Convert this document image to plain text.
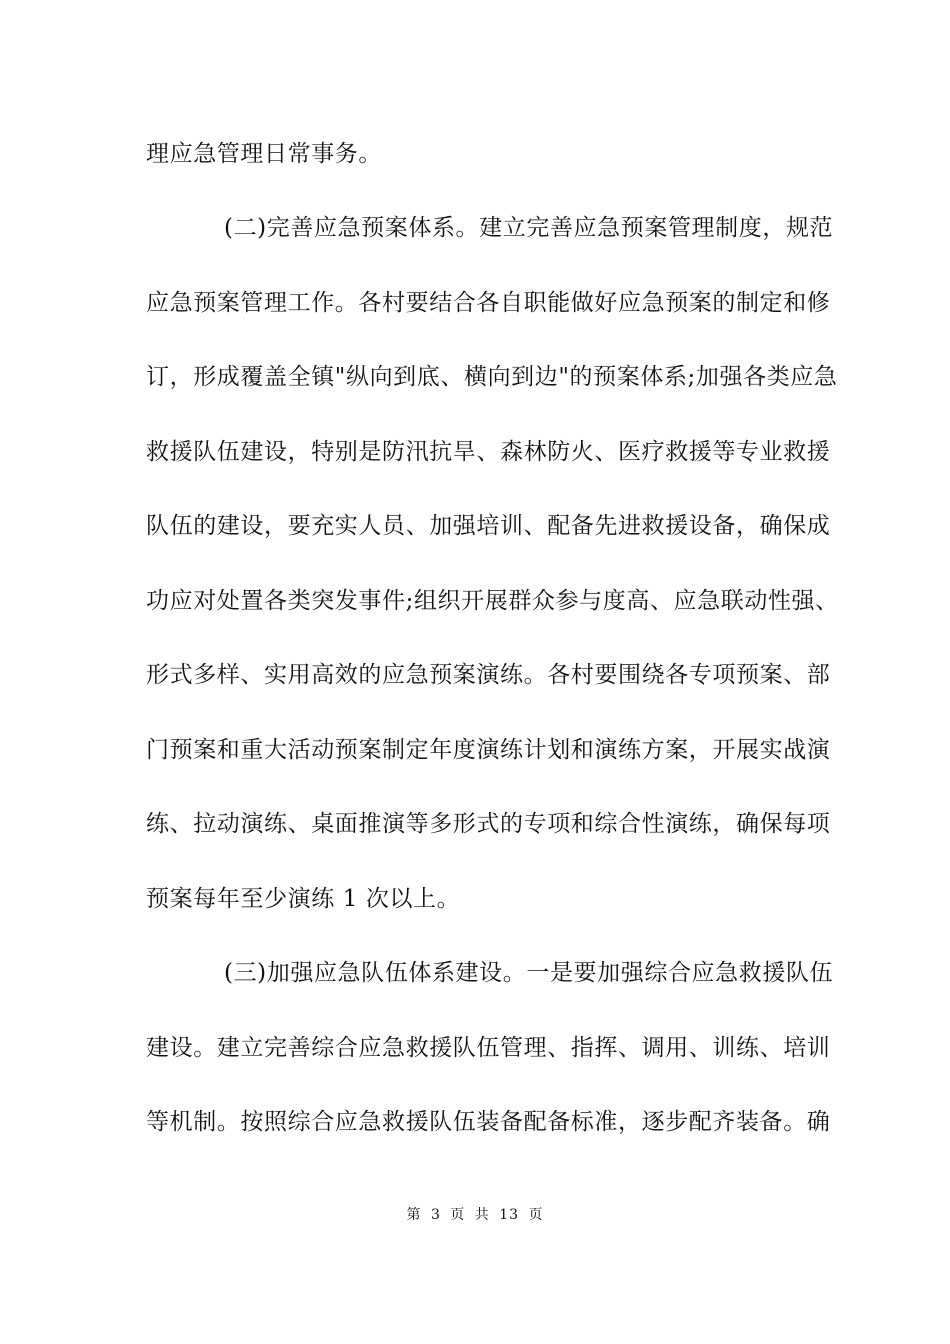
理应急管理日常事务。
(二)完善应急预案体系。建立完善应急预案管理制度，规范
应急预案管理工作。各村要结合各自职能做好应急预案的制定和修
订，形成覆盖全镇"纵向到底、横向到边"的预案体系;加强各类应急
救援队伍建设，特别是防汛抗旱、森林防火、医疗救援等专业救援
队伍的建设，要充实人员、加强培训、配备先进救援设备，确保成
功应对处置各类突发事件;组织开展群众参与度高、应急联动性强、
形式多样、实用高效的应急预案演练。各村要围绕各专项预案、部
门预案和重大活动预案制定年度演练计划和演练方案，开展实战演
练、拉动演练、桌面推演等多形式的专项和综合性演练，确保每项
预案每年至少演练 1 次以上。
(三)加强应急队伍体系建设。一是要加强综合应急救援队伍
建设。建立完善综合应急救援队伍管理、指挥、调用、训练、培训
等机制。按照综合应急救援队伍装备配备标准，逐步配齐装备。确
第 3 页 共 13 页
